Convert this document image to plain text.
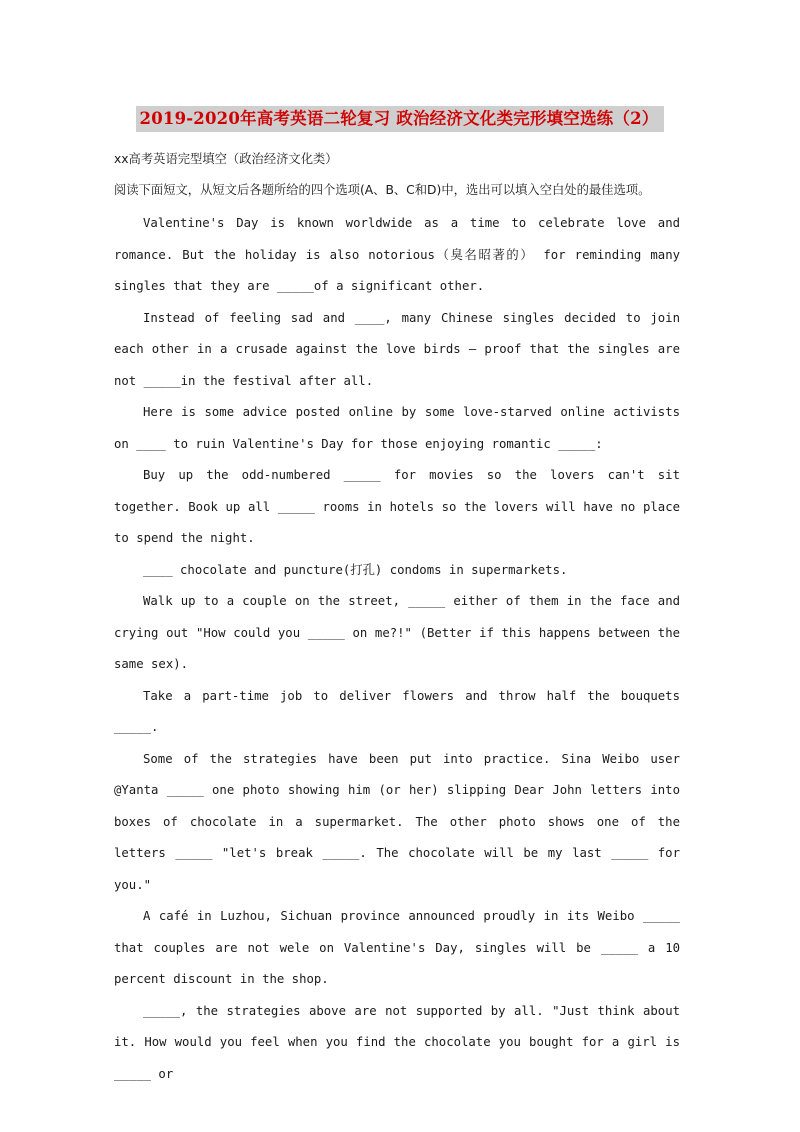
2019-2020年高考英语二轮复习 政治经济文化类完形填空选练（2）

xx高考英语完型填空（政治经济文化类）

阅读下面短文，从短文后各题所给的四个选项(A、B、C和D)中，选出可以填入空白处的最佳选项。

Valentine's Day is known worldwide as a time to celebrate love and romance. But the holiday is also notorious（臭名昭著的） for reminding many singles that they are _____of a significant other.

Instead of feeling sad and ____, many Chinese singles decided to join each other in a crusade against the love birds — proof that the singles are not _____in the festival after all.

Here is some advice posted online by some love-starved online activists on ____ to ruin Valentine's Day for those enjoying romantic _____:

Buy up the odd-numbered _____ for movies so the lovers can't sit together. Book up all _____ rooms in hotels so the lovers will have no place to spend the night.

____ chocolate and puncture(打孔) condoms in supermarkets.

Walk up to a couple on the street, _____ either of them in the face and crying out "How could you _____ on me?!" (Better if this happens between the same sex).

Take a part-time job to deliver flowers and throw half the bouquets _____.

Some of the strategies have been put into practice. Sina Weibo user @Yanta _____ one photo showing him (or her) slipping Dear John letters into boxes of chocolate in a supermarket. The other photo shows one of the letters _____ "let's break _____. The chocolate will be my last _____ for you."

A café in Luzhou, Sichuan province announced proudly in its Weibo _____ that couples are not wele on Valentine's Day, singles will be _____ a 10 percent discount in the shop.

_____, the strategies above are not supported by all. "Just think about it. How would you feel when you find the chocolate you bought for a girl is _____ or
